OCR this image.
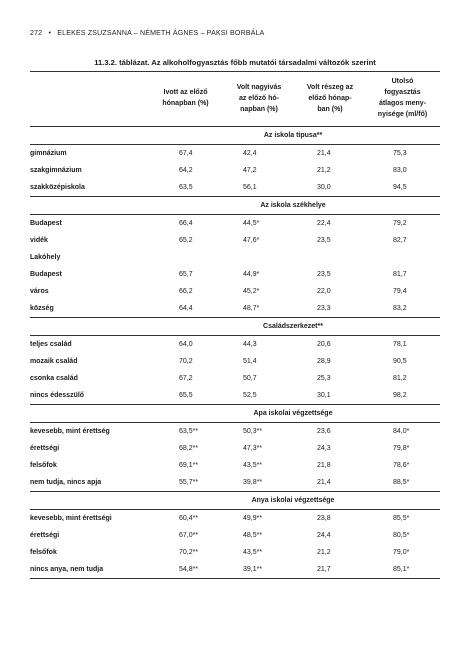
272 • ELEKES ZSUZSANNA – NÉMETH ÁGNES – PAKSI BORBÁLA
11.3.2. táblázat. Az alkoholfogyasztás főbb mutatói társadalmi változók szerint
	Ivott az előző
hónapban (%)	Volt nagyivás
az előző hó-
napban (%)	Volt részeg az
előző hónap-
ban (%)	Utolsó
fogyasztás
átlagos meny-
nyisége (ml/fő)
Az iskola típusa**				
gimnázium	67,4	42,4	21,4	75,3
szakgimnázium	64,2	47,2	21,2	83,0
szakközépiskola	63,5	56,1	30,0	94,5
Az iskola székhelye				
Budapest	66,4	44,5*	22,4	79,2
vidék	65,2	47,6*	23,5	82,7
Lakóhely				
Budapest	65,7	44,9*	23,5	81,7
város	66,2	45,2*	22,0	79,4
község	64,4	48,7*	23,3	83,2
Családszerkezet**				
teljes család	64,0	44,3	20,6	78,1
mozaik család	70,2	51,4	28,9	90,5
csonka család	67,2	50,7	25,3	81,2
nincs édesszülő	65,5	52,5	30,1	98,2
Apa iskolai végzettsége				
kevesebb, mint érettség	63,5**	50,3**	23,6	84,0*
érettségi	68,2**	47,3**	24,3	79,8*
felsőfok	69,1**	43,5**	21,8	78,6*
nem tudja, nincs apja	55,7**	39,8**	21,4	88,5*
Anya iskolai végzettsége				
kevesebb, mint érettségi	60,4**	49,9**	23,8	85,5*
érettségi	67,0**	48,5**	24,4	80,5*
felsőfok	70,2**	43,5**	21,2	79,0*
nincs anya, nem tudja	54,8**	39,1**	21,7	85,1*
